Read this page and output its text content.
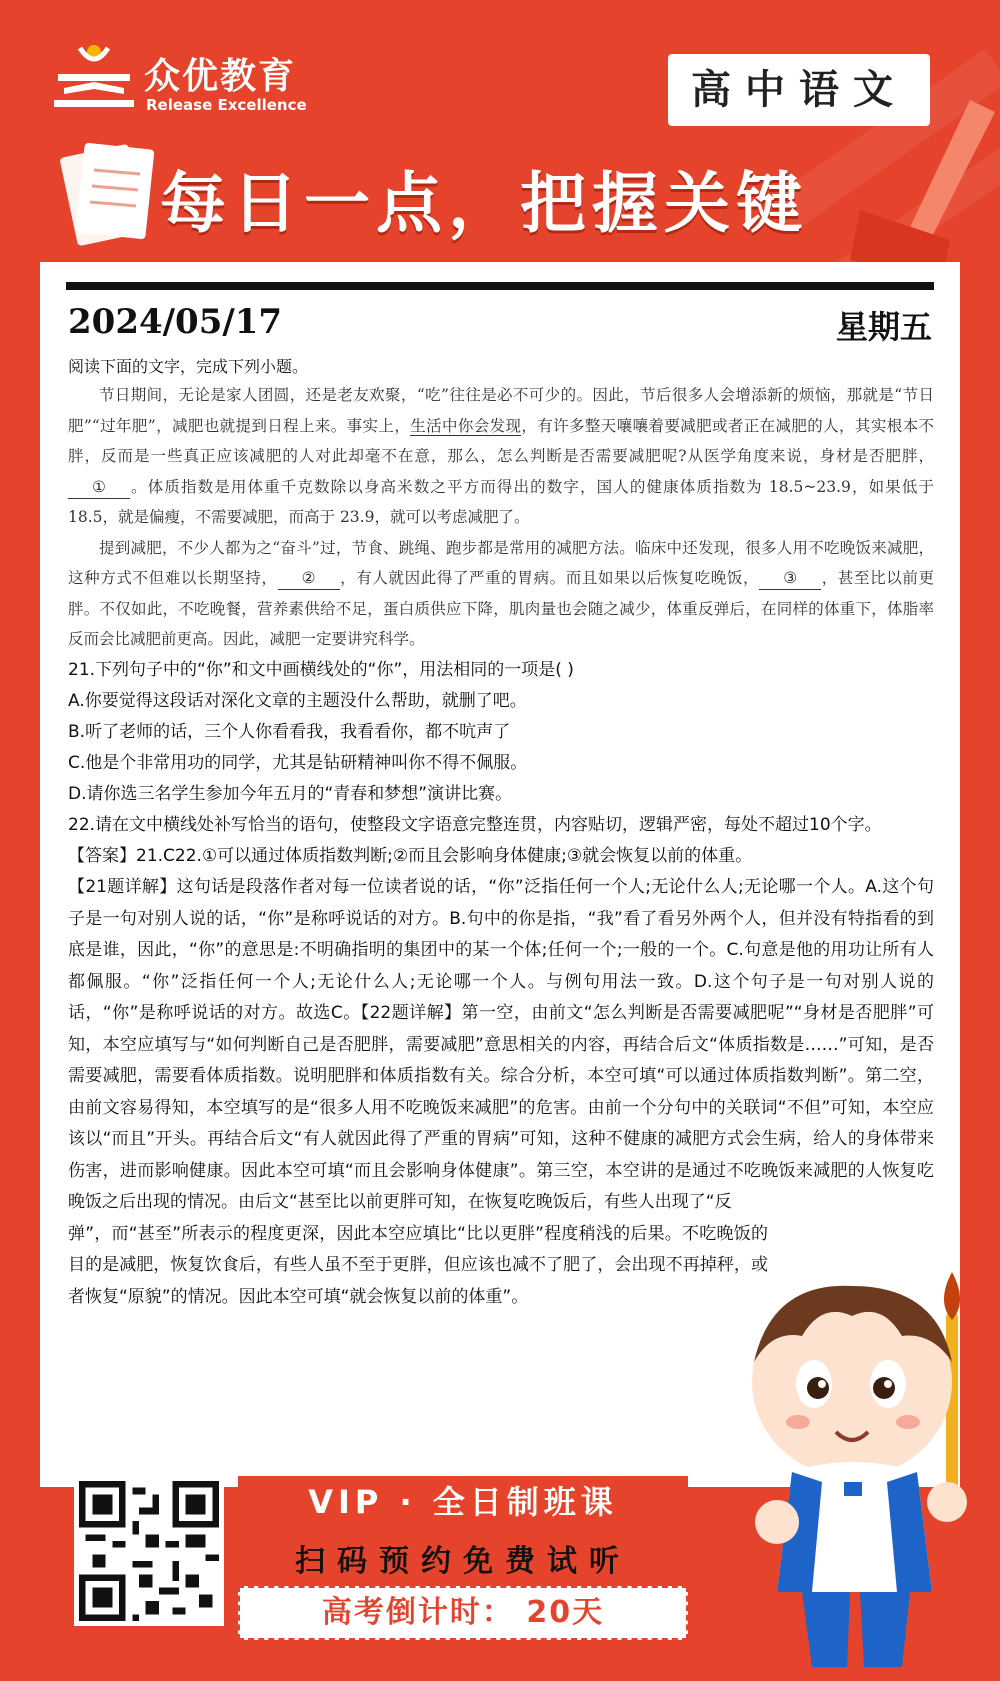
众优教育
Release Excellence	高中语文
每日一点，把握关键
2024/05/17	星期五
阅读下面的文字，完成下列小题。

节日期间，无论是家人团圆，还是老友欢聚，“吃”往往是必不可少的。因此，节后很多人会增添新的烦恼，那就是“节日肥”“过年肥”，减肥也就提到日程上来。事实上，生活中你会发现，有许多整天嚷嚷着要减肥或者正在减肥的人，其实根本不胖，反而是一些真正应该减肥的人对此却毫不在意，那么，怎么判断是否需要减肥呢?从医学角度来说，身材是否肥胖，① 。体质指数是用体重千克数除以身高米数之平方而得出的数字，国人的健康体质指数为 18.5~23.9，如果低于 18.5，就是偏瘦，不需要减肥，而高于 23.9，就可以考虑减肥了。

提到减肥，不少人都为之“奋斗”过，节食、跳绳、跑步都是常用的减肥方法。临床中还发现，很多人用不吃晚饭来减肥，这种方式不但难以长期坚持， ② ，有人就因此得了严重的胃病。而且如果以后恢复吃晚饭， ③ ，甚至比以前更胖。不仅如此，不吃晚餐，营养素供给不足，蛋白质供应下降，肌肉量也会随之减少，体重反弹后，在同样的体重下，体脂率反而会比减肥前更高。因此，减肥一定要讲究科学。

21.下列句子中的“你”和文中画横线处的“你”，用法相同的一项是( )
A.你要觉得这段话对深化文章的主题没什么帮助，就删了吧。
B.听了老师的话，三个人你看看我，我看看你，都不吭声了
C.他是个非常用功的同学，尤其是钻研精神叫你不得不佩服。
D.请你选三名学生参加今年五月的“青春和梦想”演讲比赛。
22.请在文中横线处补写恰当的语句，使整段文字语意完整连贯，内容贴切，逻辑严密，每处不超过10个字。
【答案】21.C22.①可以通过体质指数判断;②而且会影响身体健康;③就会恢复以前的体重。
【21题详解】这句话是段落作者对每一位读者说的话，“你”泛指任何一个人;无论什么人;无论哪一个人。A.这个句子是一句对别人说的话，“你”是称呼说话的对方。B.句中的你是指，“我”看了看另外两个人，但并没有特指看的到底是谁，因此，“你”的意思是:不明确指明的集团中的某一个体;任何一个;一般的一个。C.句意是他的用功让所有人都佩服。“你”泛指任何一个人;无论什么人;无论哪一个人。与例句用法一致。D.这个句子是一句对别人说的话，“你”是称呼说话的对方。故选C。【22题详解】第一空，由前文“怎么判断是否需要减肥呢”“身材是否肥胖”可知，本空应填写与“如何判断自己是否肥胖，需要减肥”意思相关的内容，再结合后文“体质指数是……”可知，是否需要减肥，需要看体质指数。说明肥胖和体质指数有关。综合分析，本空可填“可以通过体质指数判断”。第二空，由前文容易得知，本空填写的是“很多人用不吃晚饭来减肥”的危害。由前一个分句中的关联词“不但”可知，本空应该以“而且”开头。再结合后文“有人就因此得了严重的胃病”可知，这种不健康的减肥方式会生病，给人的身体带来伤害，进而影响健康。因此本空可填“而且会影响身体健康”。第三空，本空讲的是通过不吃晚饭来减肥的人恢复吃晚饭之后出现的情况。由后文“甚至比以前更胖可知，在恢复吃晚饭后，有些人出现了“反
弹”，而“甚至”所表示的程度更深，因此本空应填比“比以更胖”程度稍浅的后果。不吃晚饭的目的是减肥，恢复饮食后，有些人虽不至于更胖，但应该也减不了肥了，会出现不再掉秤，或者恢复“原貌”的情况。因此本空可填“就会恢复以前的体重”。
VIP · 全日制班课
扫码预约免费试听
高考倒计时： 20天
